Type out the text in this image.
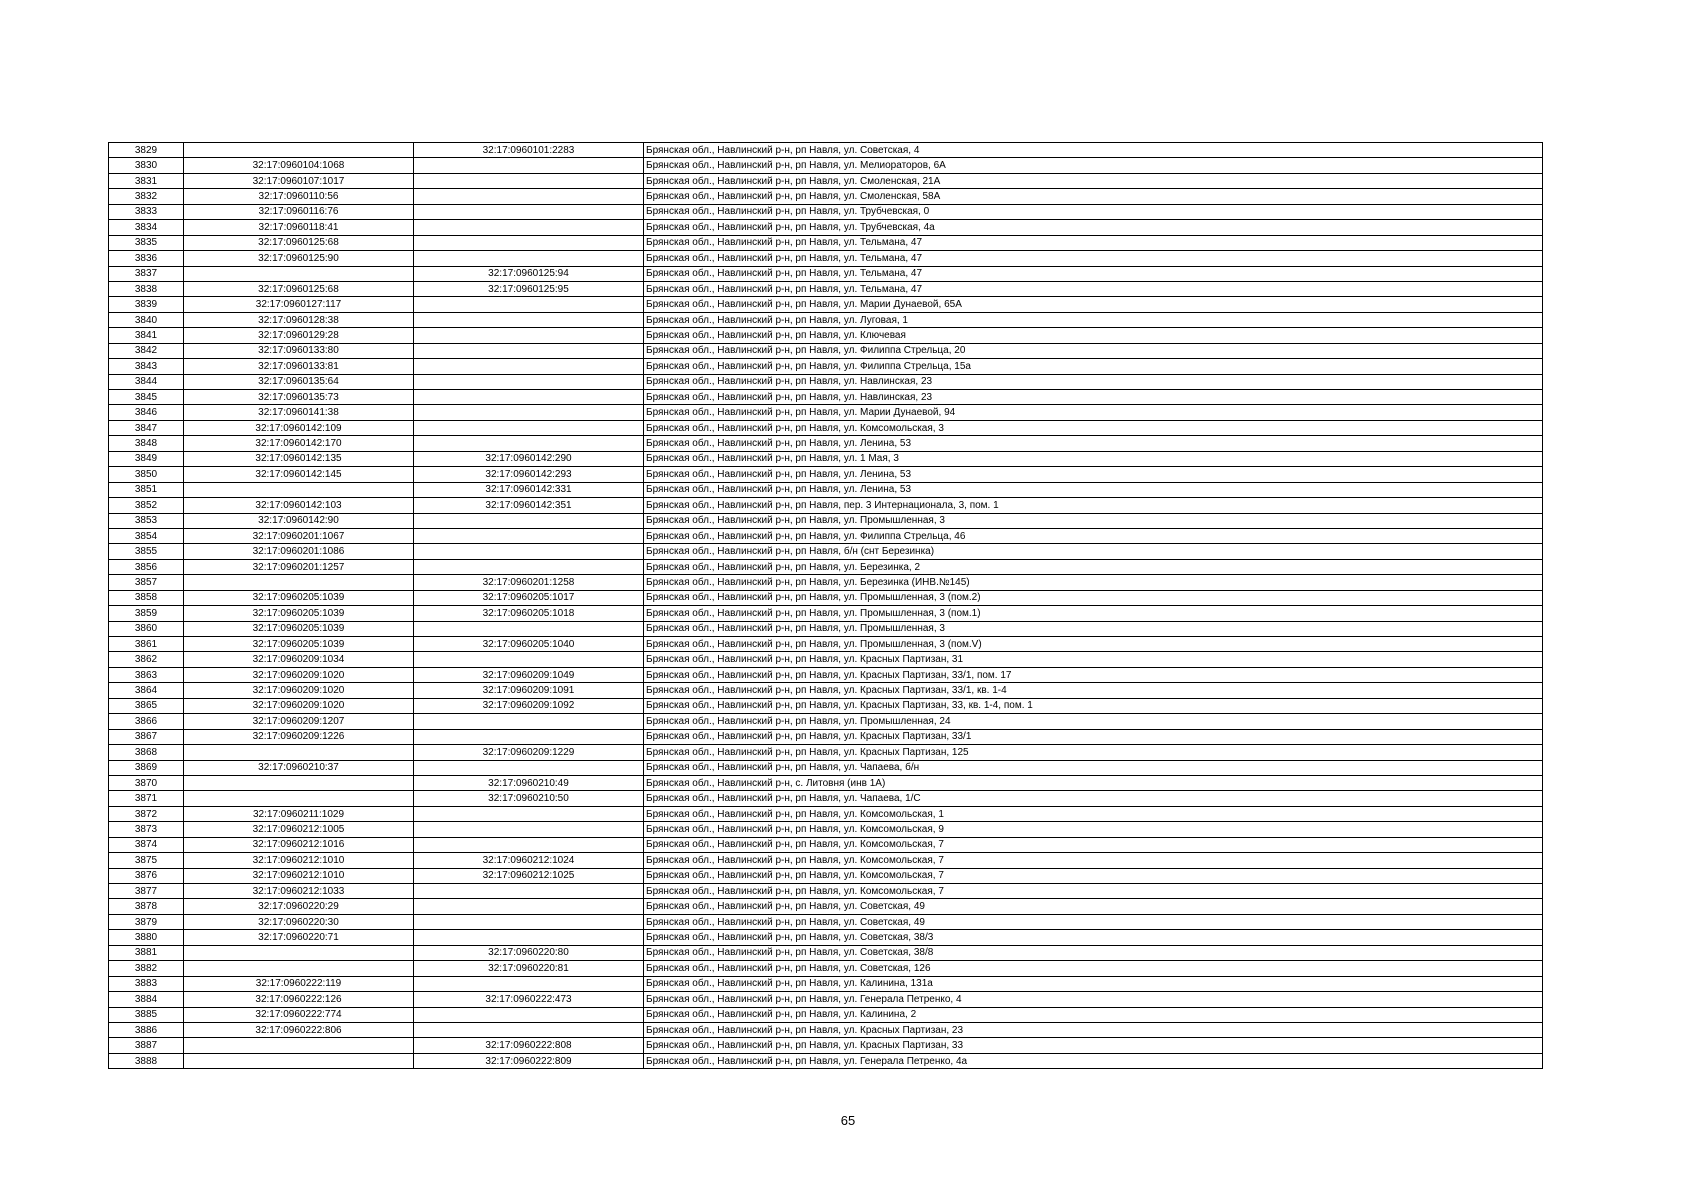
3829		32:17:0960101:2283	Брянская обл., Навлинский р-н, рп Навля, ул. Советская, 4
3830	32:17:0960104:1068		Брянская обл., Навлинский р-н, рп Навля, ул. Мелиораторов, 6А
3831	32:17:0960107:1017		Брянская обл., Навлинский р-н, рп Навля, ул. Смоленская, 21А
3832	32:17:0960110:56		Брянская обл., Навлинский р-н, рп Навля, ул. Смоленская, 58А
3833	32:17:0960116:76		Брянская обл., Навлинский р-н, рп Навля, ул. Трубчевская, 0
3834	32:17:0960118:41		Брянская обл., Навлинский р-н, рп Навля, ул. Трубчевская, 4а
3835	32:17:0960125:68		Брянская обл., Навлинский р-н, рп Навля, ул. Тельмана, 47
3836	32:17:0960125:90		Брянская обл., Навлинский р-н, рп Навля, ул. Тельмана, 47
3837		32:17:0960125:94	Брянская обл., Навлинский р-н, рп Навля, ул. Тельмана, 47
3838	32:17:0960125:68	32:17:0960125:95	Брянская обл., Навлинский р-н, рп Навля, ул. Тельмана, 47
3839	32:17:0960127:117		Брянская обл., Навлинский р-н, рп Навля, ул. Марии Дунаевой, 65А
3840	32:17:0960128:38		Брянская обл., Навлинский р-н, рп Навля, ул. Луговая, 1
3841	32:17:0960129:28		Брянская обл., Навлинский р-н, рп Навля, ул. Ключевая
3842	32:17:0960133:80		Брянская обл., Навлинский р-н, рп Навля, ул. Филиппа Стрельца, 20
3843	32:17:0960133:81		Брянская обл., Навлинский р-н, рп Навля, ул. Филиппа Стрельца, 15а
3844	32:17:0960135:64		Брянская обл., Навлинский р-н, рп Навля, ул. Навлинская, 23
3845	32:17:0960135:73		Брянская обл., Навлинский р-н, рп Навля, ул. Навлинская, 23
3846	32:17:0960141:38		Брянская обл., Навлинский р-н, рп Навля, ул. Марии Дунаевой, 94
3847	32:17:0960142:109		Брянская обл., Навлинский р-н, рп Навля, ул. Комсомольская, 3
3848	32:17:0960142:170		Брянская обл., Навлинский р-н, рп Навля, ул. Ленина, 53
3849	32:17:0960142:135	32:17:0960142:290	Брянская обл., Навлинский р-н, рп Навля, ул. 1 Мая, 3
3850	32:17:0960142:145	32:17:0960142:293	Брянская обл., Навлинский р-н, рп Навля, ул. Ленина, 53
3851		32:17:0960142:331	Брянская обл., Навлинский р-н, рп Навля, ул. Ленина, 53
3852	32:17:0960142:103	32:17:0960142:351	Брянская обл., Навлинский р-н, рп Навля, пер. 3 Интернационала, 3, пом. 1
3853	32:17:0960142:90		Брянская обл., Навлинский р-н, рп Навля, ул. Промышленная, 3
3854	32:17:0960201:1067		Брянская обл., Навлинский р-н, рп Навля, ул. Филиппа Стрельца, 46
3855	32:17:0960201:1086		Брянская обл., Навлинский р-н, рп Навля, б/н (снт Березинка)
3856	32:17:0960201:1257		Брянская обл., Навлинский р-н, рп Навля, ул. Березинка, 2
3857		32:17:0960201:1258	Брянская обл., Навлинский р-н, рп Навля, ул. Березинка (ИНВ.№145)
3858	32:17:0960205:1039	32:17:0960205:1017	Брянская обл., Навлинский р-н, рп Навля, ул. Промышленная, 3 (пом.2)
3859	32:17:0960205:1039	32:17:0960205:1018	Брянская обл., Навлинский р-н, рп Навля, ул. Промышленная, 3 (пом.1)
3860	32:17:0960205:1039		Брянская обл., Навлинский р-н, рп Навля, ул. Промышленная, 3
3861	32:17:0960205:1039	32:17:0960205:1040	Брянская обл., Навлинский р-н, рп Навля, ул. Промышленная, 3 (пом.V)
3862	32:17:0960209:1034		Брянская обл., Навлинский р-н, рп Навля, ул. Красных Партизан, 31
3863	32:17:0960209:1020	32:17:0960209:1049	Брянская обл., Навлинский р-н, рп Навля, ул. Красных Партизан, 33/1, пом. 17
3864	32:17:0960209:1020	32:17:0960209:1091	Брянская обл., Навлинский р-н, рп Навля, ул. Красных Партизан, 33/1, кв. 1-4
3865	32:17:0960209:1020	32:17:0960209:1092	Брянская обл., Навлинский р-н, рп Навля, ул. Красных Партизан, 33, кв. 1-4, пом. 1
3866	32:17:0960209:1207		Брянская обл., Навлинский р-н, рп Навля, ул. Промышленная, 24
3867	32:17:0960209:1226		Брянская обл., Навлинский р-н, рп Навля, ул. Красных Партизан, 33/1
3868		32:17:0960209:1229	Брянская обл., Навлинский р-н, рп Навля, ул. Красных Партизан, 125
3869	32:17:0960210:37		Брянская обл., Навлинский р-н, рп Навля, ул. Чапаева, б/н
3870		32:17:0960210:49	Брянская обл., Навлинский р-н, с. Литовня (инв 1А)
3871		32:17:0960210:50	Брянская обл., Навлинский р-н, рп Навля, ул. Чапаева, 1/С
3872	32:17:0960211:1029		Брянская обл., Навлинский р-н, рп Навля, ул. Комсомольская, 1
3873	32:17:0960212:1005		Брянская обл., Навлинский р-н, рп Навля, ул. Комсомольская, 9
3874	32:17:0960212:1016		Брянская обл., Навлинский р-н, рп Навля, ул. Комсомольская, 7
3875	32:17:0960212:1010	32:17:0960212:1024	Брянская обл., Навлинский р-н, рп Навля, ул. Комсомольская, 7
3876	32:17:0960212:1010	32:17:0960212:1025	Брянская обл., Навлинский р-н, рп Навля, ул. Комсомольская, 7
3877	32:17:0960212:1033		Брянская обл., Навлинский р-н, рп Навля, ул. Комсомольская, 7
3878	32:17:0960220:29		Брянская обл., Навлинский р-н, рп Навля, ул. Советская, 49
3879	32:17:0960220:30		Брянская обл., Навлинский р-н, рп Навля, ул. Советская, 49
3880	32:17:0960220:71		Брянская обл., Навлинский р-н, рп Навля, ул. Советская, 38/3
3881		32:17:0960220:80	Брянская обл., Навлинский р-н, рп Навля, ул. Советская, 38/8
3882		32:17:0960220:81	Брянская обл., Навлинский р-н, рп Навля, ул. Советская, 126
3883	32:17:0960222:119		Брянская обл., Навлинский р-н, рп Навля, ул. Калинина, 131а
3884	32:17:0960222:126	32:17:0960222:473	Брянская обл., Навлинский р-н, рп Навля, ул. Генерала Петренко, 4
3885	32:17:0960222:774		Брянская обл., Навлинский р-н, рп Навля, ул. Калинина, 2
3886	32:17:0960222:806		Брянская обл., Навлинский р-н, рп Навля, ул. Красных Партизан, 23
3887		32:17:0960222:808	Брянская обл., Навлинский р-н, рп Навля, ул. Красных Партизан, 33
3888		32:17:0960222:809	Брянская обл., Навлинский р-н, рп Навля, ул. Генерала Петренко, 4а
65
